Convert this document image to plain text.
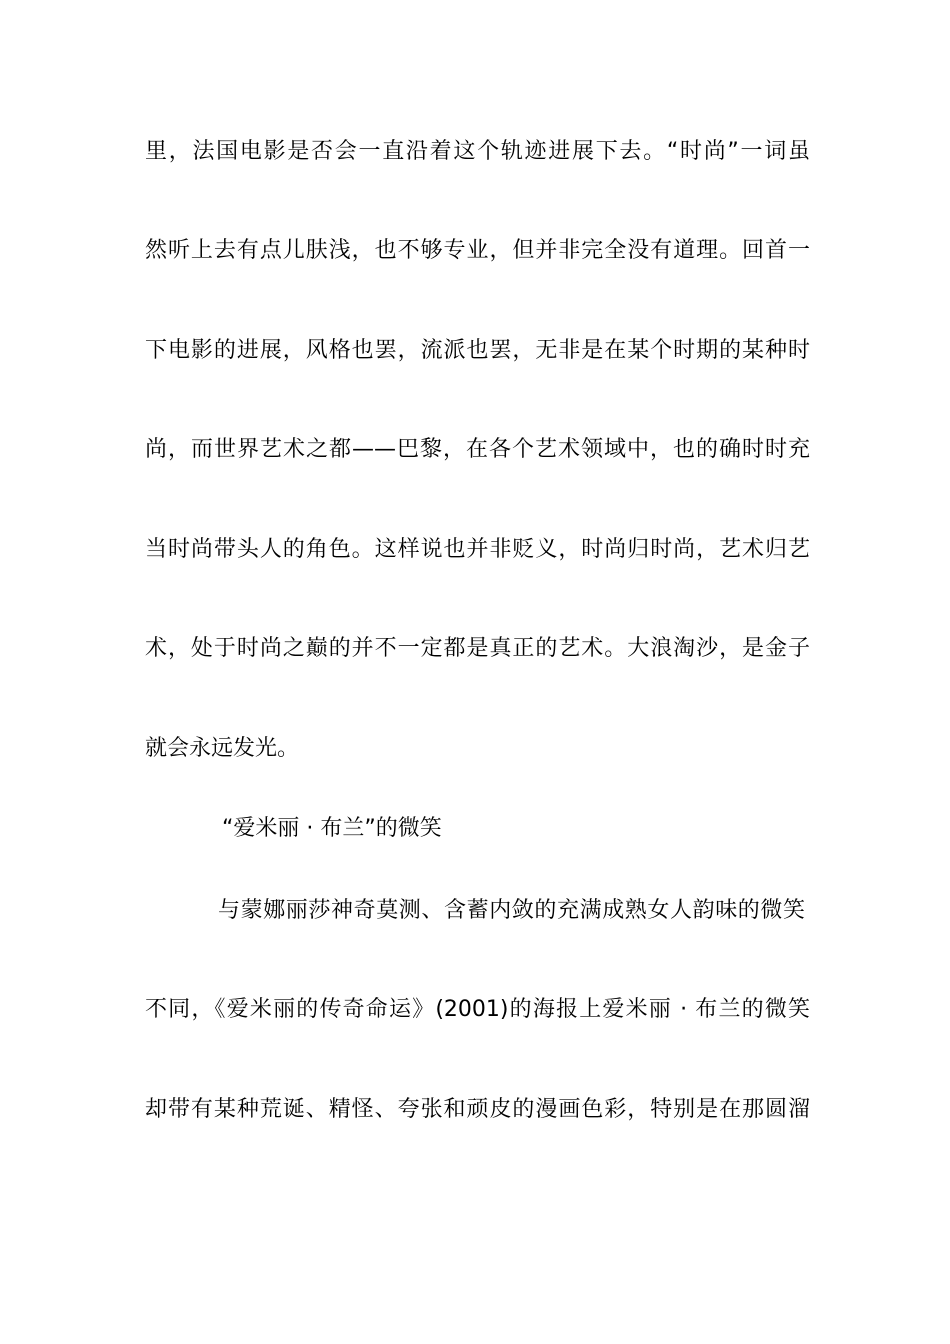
里，法国电影是否会一直沿着这个轨迹进展下去。“时尚”一词虽
然听上去有点儿肤浅，也不够专业，但并非完全没有道理。回首一
下电影的进展，风格也罢，流派也罢，无非是在某个时期的某种时
尚，而世界艺术之都——巴黎，在各个艺术领域中，也的确时时充
当时尚带头人的角色。这样说也并非贬义，时尚归时尚，艺术归艺
术，处于时尚之巅的并不一定都是真正的艺术。大浪淘沙，是金子
就会永远发光。
“爱米丽 · 布兰”的微笑
与蒙娜丽莎神奇莫测、含蓄内敛的充满成熟女人韵味的微笑
不同，《爱米丽的传奇命运》(2001)的海报上爱米丽 · 布兰的微笑
却带有某种荒诞、精怪、夸张和顽皮的漫画色彩，特别是在那圆溜
